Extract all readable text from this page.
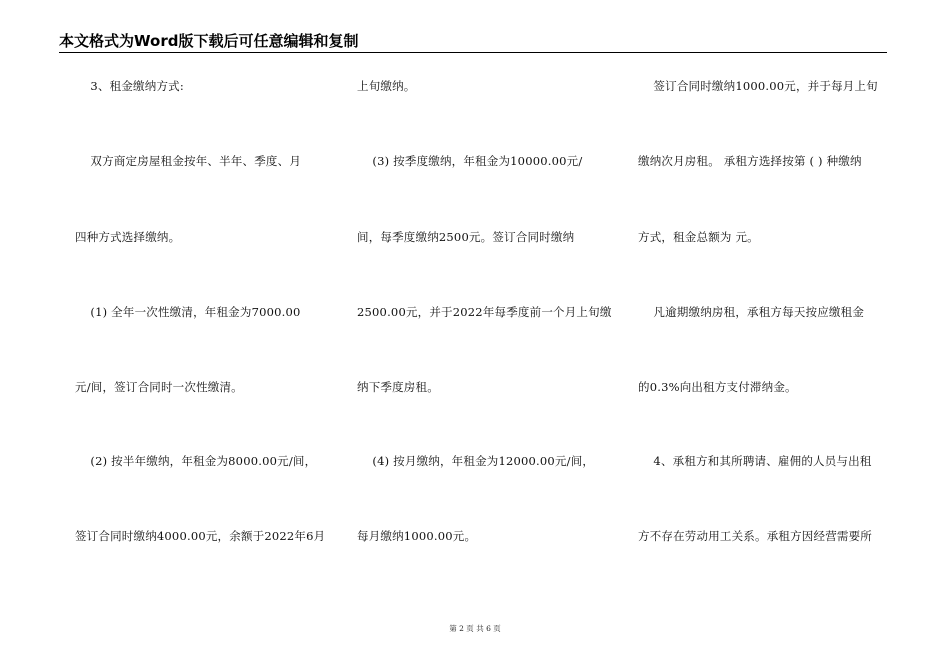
本文格式为Word版下载后可任意编辑和复制
3、租金缴纳方式:
双方商定房屋租金按年、半年、季度、月
四种方式选择缴纳。
(1) 全年一次性缴清，年租金为7000.00
元/间，签订合同时一次性缴清。
(2) 按半年缴纳，年租金为8000.00元/间，
签订合同时缴纳4000.00元，余额于2022年6月
上旬缴纳。
(3) 按季度缴纳，年租金为10000.00元/
间，每季度缴纳2500元。签订合同时缴纳
2500.00元，并于2022年每季度前一个月上旬缴
纳下季度房租。
(4) 按月缴纳，年租金为12000.00元/间，
每月缴纳1000.00元。
签订合同时缴纳1000.00元，并于每月上旬
缴纳次月房租。 承租方选择按第 ( ) 种缴纳
方式，租金总额为 元。
凡逾期缴纳房租，承租方每天按应缴租金
的0.3%向出租方支付滞纳金。
4、承租方和其所聘请、雇佣的人员与出租
方不存在劳动用工关系。承租方因经营需要所
第 2 页 共 6 页
